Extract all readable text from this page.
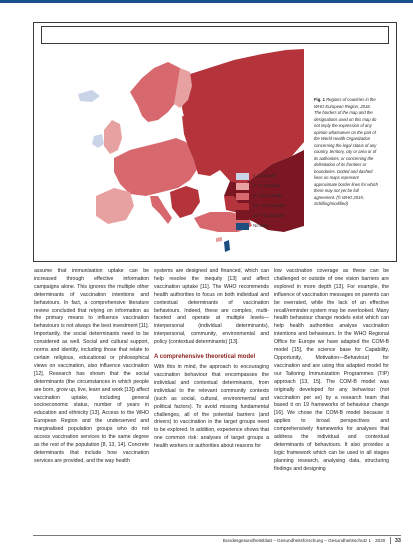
≤ 2 Journals
3 – 5 Journals
6 – 10 Journals
11 – 15 Journals
16 – 40 Journals
No data
Fig. 1 Regions of countries in the WHO European Region, 2018. The borders of the map and the designations used on this map do not imply the expression of any opinion whatsoever on the part of the World Health Organization concerning the legal status of any country, territory, city or area or of its authorities, or concerning the delimitation of its frontiers or boundaries. Dotted and dashed lines on maps represent approximate border lines for which there may not yet be full agreement. (© WHO 2019, Schilling/modified)

assume that immunisation uptake can be increased through effective information campaigns alone. This ignores the multiple other determinants of vaccination intentions and behaviours. In fact, a comprehensive literature review concluded that relying on information as the primary means to influence vaccination behaviours is not always the best investment [11]. Importantly, the social determinants need to be considered as well. Social and cultural support, norms and identity, including those that relate to certain religious, educational or philosophical views on vaccination, also influence vaccination [12]. Research has shown that the social determinants (the circumstances in which people are born, grow up, live, learn and work [13]) affect vaccination uptake, including general socioeconomic status, number of years in education and ethnicity [13]. Access to the WHO European Region and the underserved and marginalised population groups who do not access vaccination services to the same degree as the rest of the population [8, 13, 14]. Concrete determinants that include how vaccination services are provided, and the way health

systems are designed and financed, which can help resolve the inequity [13] and affect vaccination uptake [11]. The WHO recommends health authorities to focus on both individual and contextual determinants of vaccination behaviours. Indeed, these are complex, multi-faceted and operate at multiple levels—interpersonal (individual determinants), interpersonal, community, environmental and policy (contextual determinants) [13].

A comprehensive theoretical model

With this in mind, the approach to encouraging vaccination behaviour that encompasses the individual and contextual determinants, from individual to the relevant community contexts (such as social, cultural, environmental and political factors). To avoid missing fundamental challenges, all of the potential barriers (and drivers) to vaccination in the target groups need to be explored. In addition, experience shows that one common risk: analyses of target groups a health workers or authorities about reasons for

low vaccination coverage as these can be challenged or outside of one vision barriers are explored in more depth [13]. For example, the influence of vaccination messages on parents can be overrated, while the lack of an effective recall/reminder system may be overlooked. Many health behaviour change models exist which can help health authorities analyse vaccination intentions and behaviours. In the WHO Regional Office for Europe we have adapted the COM-B model [15], the science base for Capability, Opportunity, Motivation—Behaviour) for vaccination and are using this adapted model for our Tailoring Immunization Programmes (TIP) approach [13, 15]. The COM-B model was originally developed for any behaviour (not vaccination per se) by a research team that based it on 19 frameworks of behaviour change [16]. We chose the COM-B model because it applies to broad perspectives and comprehensively frameworks for analyses that address the individual and contextual determinants of behaviours. It also provides a logic framework which can be used in all stages planning research, analysing data, structuring findings and designing

Bundesgesundheitsblatt – Gesundheitsforschung – Gesundheitsschutz 1 · 2020 33
